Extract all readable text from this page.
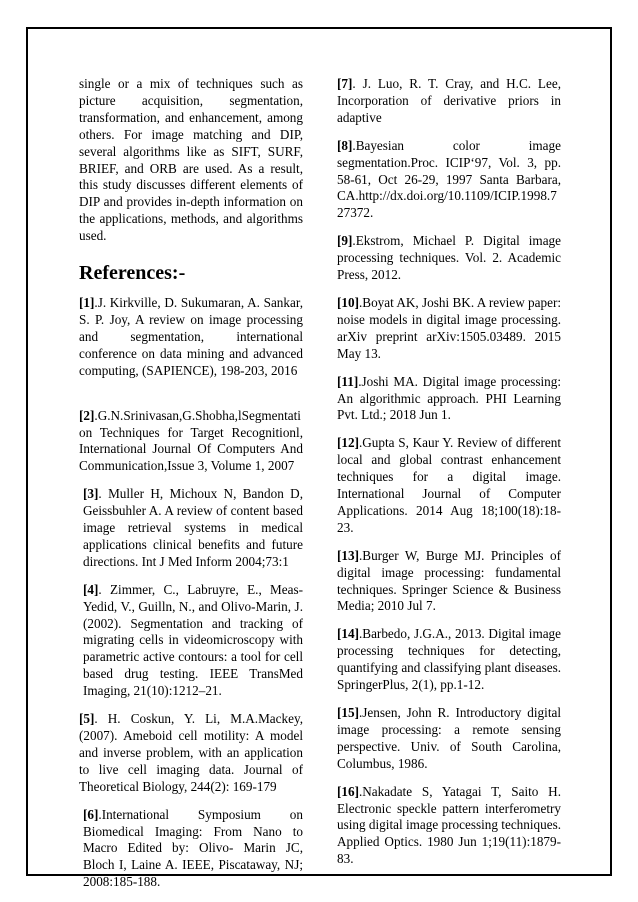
single or a mix of techniques such as picture acquisition, segmentation, transformation, and enhancement, among others. For image matching and DIP, several algorithms like as SIFT, SURF, BRIEF, and ORB are used. As a result, this study discusses different elements of DIP and provides in-depth information on the applications, methods, and algorithms used.

References:-

[1].J. Kirkville, D. Sukumaran, A. Sankar, S. P. Joy, A review on image processing and segmentation, international conference on data mining and advanced computing, (SAPIENCE), 198-203, 2016

[2].G.N.Srinivasan,G.Shobha,lSegmentati on Techniques for Target Recognitionl, International Journal Of Computers And Communication,Issue 3, Volume 1, 2007

[3]. Muller H, Michoux N, Bandon D, Geissbuhler A. A review of content based image retrieval systems in medical applications clinical benefits and future directions. Int J Med Inform 2004;73:1

[4]. Zimmer, C., Labruyre, E., Meas-Yedid, V., Guilln, N., and Olivo-Marin, J. (2002). Segmentation and tracking of migrating cells in videomicroscopy with parametric active contours: a tool for cell based drug testing. IEEE TransMed Imaging, 21(10):1212–21.

[5]. H. Coskun, Y. Li, M.A.Mackey, (2007). Ameboid cell motility: A model and inverse problem, with an application to live cell imaging data. Journal of Theoretical Biology, 244(2): 169-179

[6].International Symposium on Biomedical Imaging: From Nano to Macro Edited by: Olivo- Marin JC, Bloch I, Laine A. IEEE, Piscataway, NJ; 2008:185-188.

[7]. J. Luo, R. T. Cray, and H.C. Lee, Incorporation of derivative priors in adaptive

[8].Bayesian color image segmentation.Proc. ICIP‘97, Vol. 3, pp. 58-61, Oct 26-29, 1997 Santa Barbara, CA.http://dx.doi.org/10.1109/ICIP.1998.7 27372.

[9].Ekstrom, Michael P. Digital image processing techniques. Vol. 2. Academic Press, 2012.

[10].Boyat AK, Joshi BK. A review paper: noise models in digital image processing. arXiv preprint arXiv:1505.03489. 2015 May 13.

[11].Joshi MA. Digital image processing: An algorithmic approach. PHI Learning Pvt. Ltd.; 2018 Jun 1.

[12].Gupta S, Kaur Y. Review of different local and global contrast enhancement techniques for a digital image. International Journal of Computer Applications. 2014 Aug 18;100(18):18-23.

[13].Burger W, Burge MJ. Principles of digital image processing: fundamental techniques. Springer Science & Business Media; 2010 Jul 7.

[14].Barbedo, J.G.A., 2013. Digital image processing techniques for detecting, quantifying and classifying plant diseases. SpringerPlus, 2(1), pp.1-12.

[15].Jensen, John R. Introductory digital image processing: a remote sensing perspective. Univ. of South Carolina, Columbus, 1986.

[16].Nakadate S, Yatagai T, Saito H. Electronic speckle pattern interferometry using digital image processing techniques. Applied Optics. 1980 Jun 1;19(11):1879-83.
